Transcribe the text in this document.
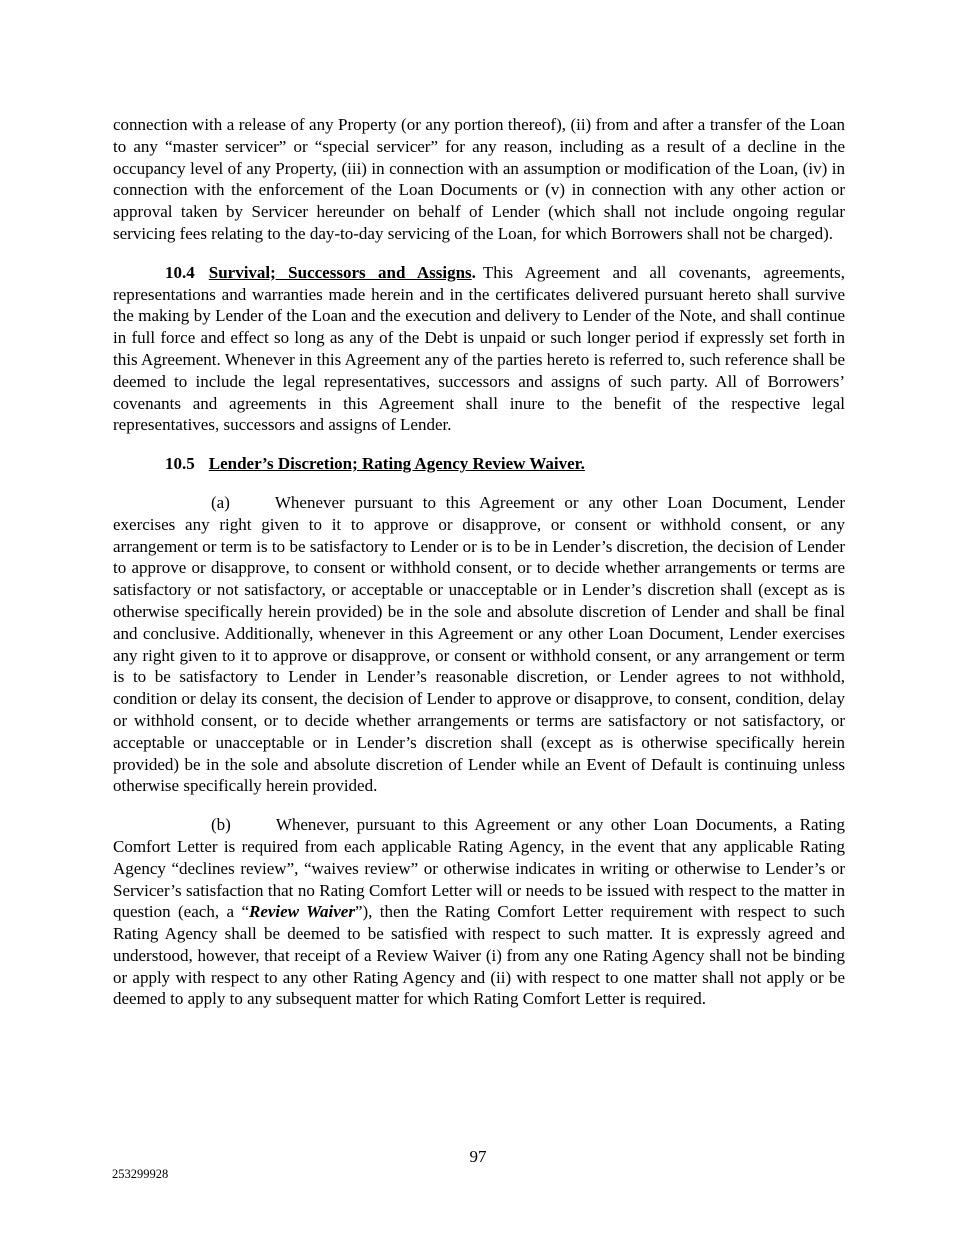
connection with a release of any Property (or any portion thereof), (ii) from and after a transfer of the Loan to any “master servicer” or “special servicer” for any reason, including as a result of a decline in the occupancy level of any Property, (iii) in connection with an assumption or modification of the Loan, (iv) in connection with the enforcement of the Loan Documents or (v) in connection with any other action or approval taken by Servicer hereunder on behalf of Lender (which shall not include ongoing regular servicing fees relating to the day-to-day servicing of the Loan, for which Borrowers shall not be charged).

10.4 Survival; Successors and Assigns. This Agreement and all covenants, agreements, representations and warranties made herein and in the certificates delivered pursuant hereto shall survive the making by Lender of the Loan and the execution and delivery to Lender of the Note, and shall continue in full force and effect so long as any of the Debt is unpaid or such longer period if expressly set forth in this Agreement. Whenever in this Agreement any of the parties hereto is referred to, such reference shall be deemed to include the legal representatives, successors and assigns of such party. All of Borrowers’ covenants and agreements in this Agreement shall inure to the benefit of the respective legal representatives, successors and assigns of Lender.

10.5 Lender’s Discretion; Rating Agency Review Waiver.

(a)	Whenever pursuant to this Agreement or any other Loan Document, Lender exercises any right given to it to approve or disapprove, or consent or withhold consent, or any arrangement or term is to be satisfactory to Lender or is to be in Lender’s discretion, the decision of Lender to approve or disapprove, to consent or withhold consent, or to decide whether arrangements or terms are satisfactory or not satisfactory, or acceptable or unacceptable or in Lender’s discretion shall (except as is otherwise specifically herein provided) be in the sole and absolute discretion of Lender and shall be final and conclusive. Additionally, whenever in this Agreement or any other Loan Document, Lender exercises any right given to it to approve or disapprove, or consent or withhold consent, or any arrangement or term is to be satisfactory to Lender in Lender’s reasonable discretion, or Lender agrees to not withhold, condition or delay its consent, the decision of Lender to approve or disapprove, to consent, condition, delay or withhold consent, or to decide whether arrangements or terms are satisfactory or not satisfactory, or acceptable or unacceptable or in Lender’s discretion shall (except as is otherwise specifically herein provided) be in the sole and absolute discretion of Lender while an Event of Default is continuing unless otherwise specifically herein provided.

(b)	Whenever, pursuant to this Agreement or any other Loan Documents, a Rating Comfort Letter is required from each applicable Rating Agency, in the event that any applicable Rating Agency “declines review”, “waives review” or otherwise indicates in writing or otherwise to Lender’s or Servicer’s satisfaction that no Rating Comfort Letter will or needs to be issued with respect to the matter in question (each, a “Review Waiver”), then the Rating Comfort Letter requirement with respect to such Rating Agency shall be deemed to be satisfied with respect to such matter. It is expressly agreed and understood, however, that receipt of a Review Waiver (i) from any one Rating Agency shall not be binding or apply with respect to any other Rating Agency and (ii) with respect to one matter shall not apply or be deemed to apply to any subsequent matter for which Rating Comfort Letter is required.

97
253299928
